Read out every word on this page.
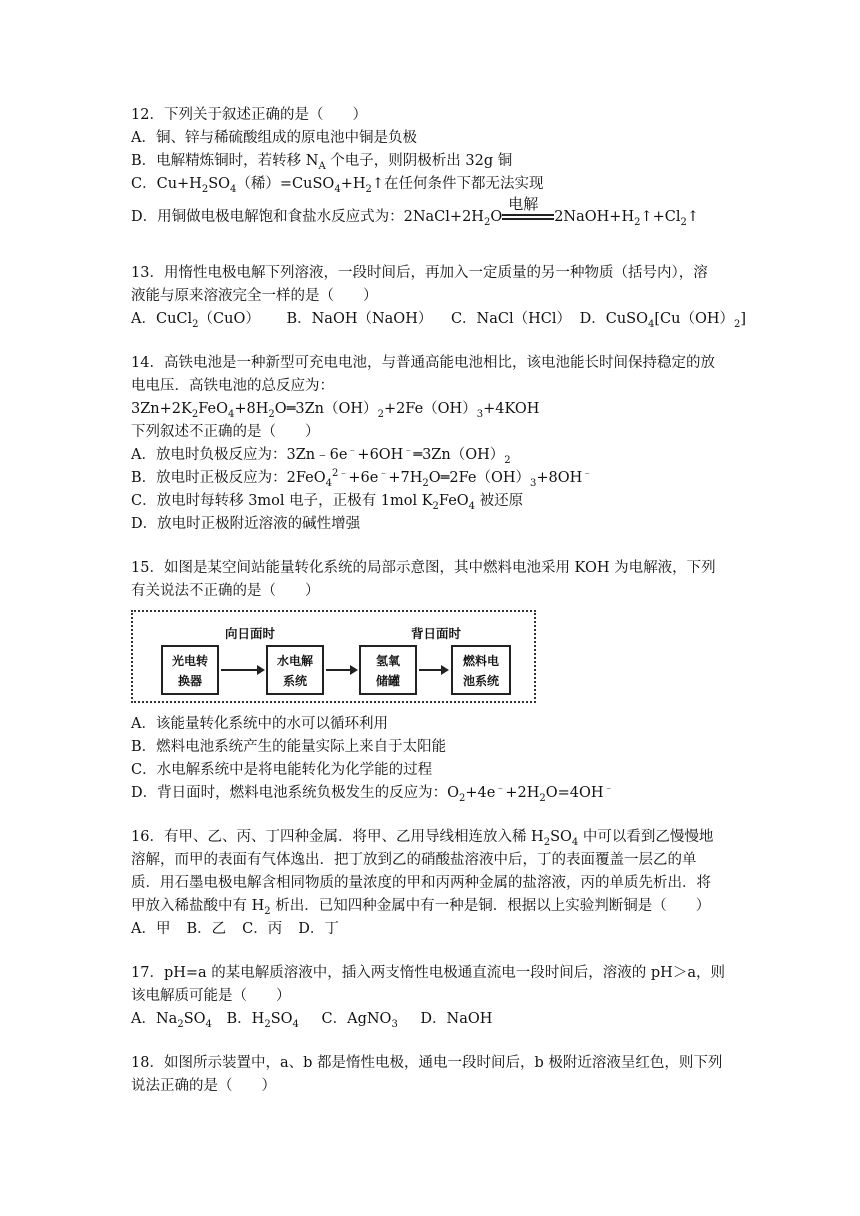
12．下列关于叙述正确的是（　　）
A．铜、锌与稀硫酸组成的原电池中铜是负极
B．电解精炼铜时，若转移 $N_A$ 个电子，则阴极析出 32g 铜
C．$Cu+H_2SO_4$（稀）$=CuSO_4+H_2↑$在任何条件下都无法实现
D．用铜做电极电解饱和食盐水反应式为：$2NaCl+2H_2O$
电解
$2NaOH+H_2↑+Cl_2↑$
13．用惰性电极电解下列溶液，一段时间后，再加入一定质量的另一种物质（括号内），溶
液能与原来溶液完全一样的是（　　）
A．CuCl$_2$（CuO） B．NaOH（NaOH） C．NaCl（HCl） D．$CuSO_4[Cu(OH)_2]$
14．高铁电池是一种新型可充电电池，与普通高能电池相比，该电池能长时间保持稳定的放
电电压．高铁电池的总反应为：
$3Zn+2K_2FeO_4+8H_2O═3Zn(OH)_2+2Fe(OH)_3+4KOH$
下列叙述不正确的是（　　）
A．放电时负极反应为：$3Zn﹣6e^﹣+6OH^﹣═3Zn(OH)_2$
B．放电时正极反应为：$2FeO_4^{2﹣}+6e^﹣+7H_2O═2Fe(OH)_3+8OH^﹣$
C．放电时每转移 3mol 电子，正极有 1mol $K_2FeO_4$ 被还原
D．放电时正极附近溶液的碱性增强
15．如图是某空间站能量转化系统的局部示意图，其中燃料电池采用 KOH 为电解液，下列
有关说法不正确的是（　　）
向日面时	背日面时
光电转
换器
水电解
系统
氢氧
储罐
燃料电
池系统
A．该能量转化系统中的水可以循环利用
B．燃料电池系统产生的能量实际上来自于太阳能
C．水电解系统中是将电能转化为化学能的过程
D．背日面时，燃料电池系统负极发生的反应为：$O_2+4e^﹣+2H_2O=4OH^﹣$
16．有甲、乙、丙、丁四种金属．将甲、乙用导线相连放入稀 $H_2SO_4$ 中可以看到乙慢慢地
溶解，而甲的表面有气体逸出．把丁放到乙的硝酸盐溶液中后，丁的表面覆盖一层乙的单
质．用石墨电极电解含相同物质的量浓度的甲和丙两种金属的盐溶液，丙的单质先析出．将
甲放入稀盐酸中有 $H_2$ 析出．已知四种金属中有一种是铜．根据以上实验判断铜是（　　）
A．甲 B．乙 C．丙 D．丁
17．pH=a 的某电解质溶液中，插入两支惰性电极通直流电一段时间后，溶液的 pH＞a，则
该电解质可能是（　　）
A．$Na_2SO_4$ B．$H_2SO_4$ C．AgNO$_3$ D．NaOH
18．如图所示装置中，a、b 都是惰性电极，通电一段时间后，b 极附近溶液呈红色，则下列
说法正确的是（　　）
